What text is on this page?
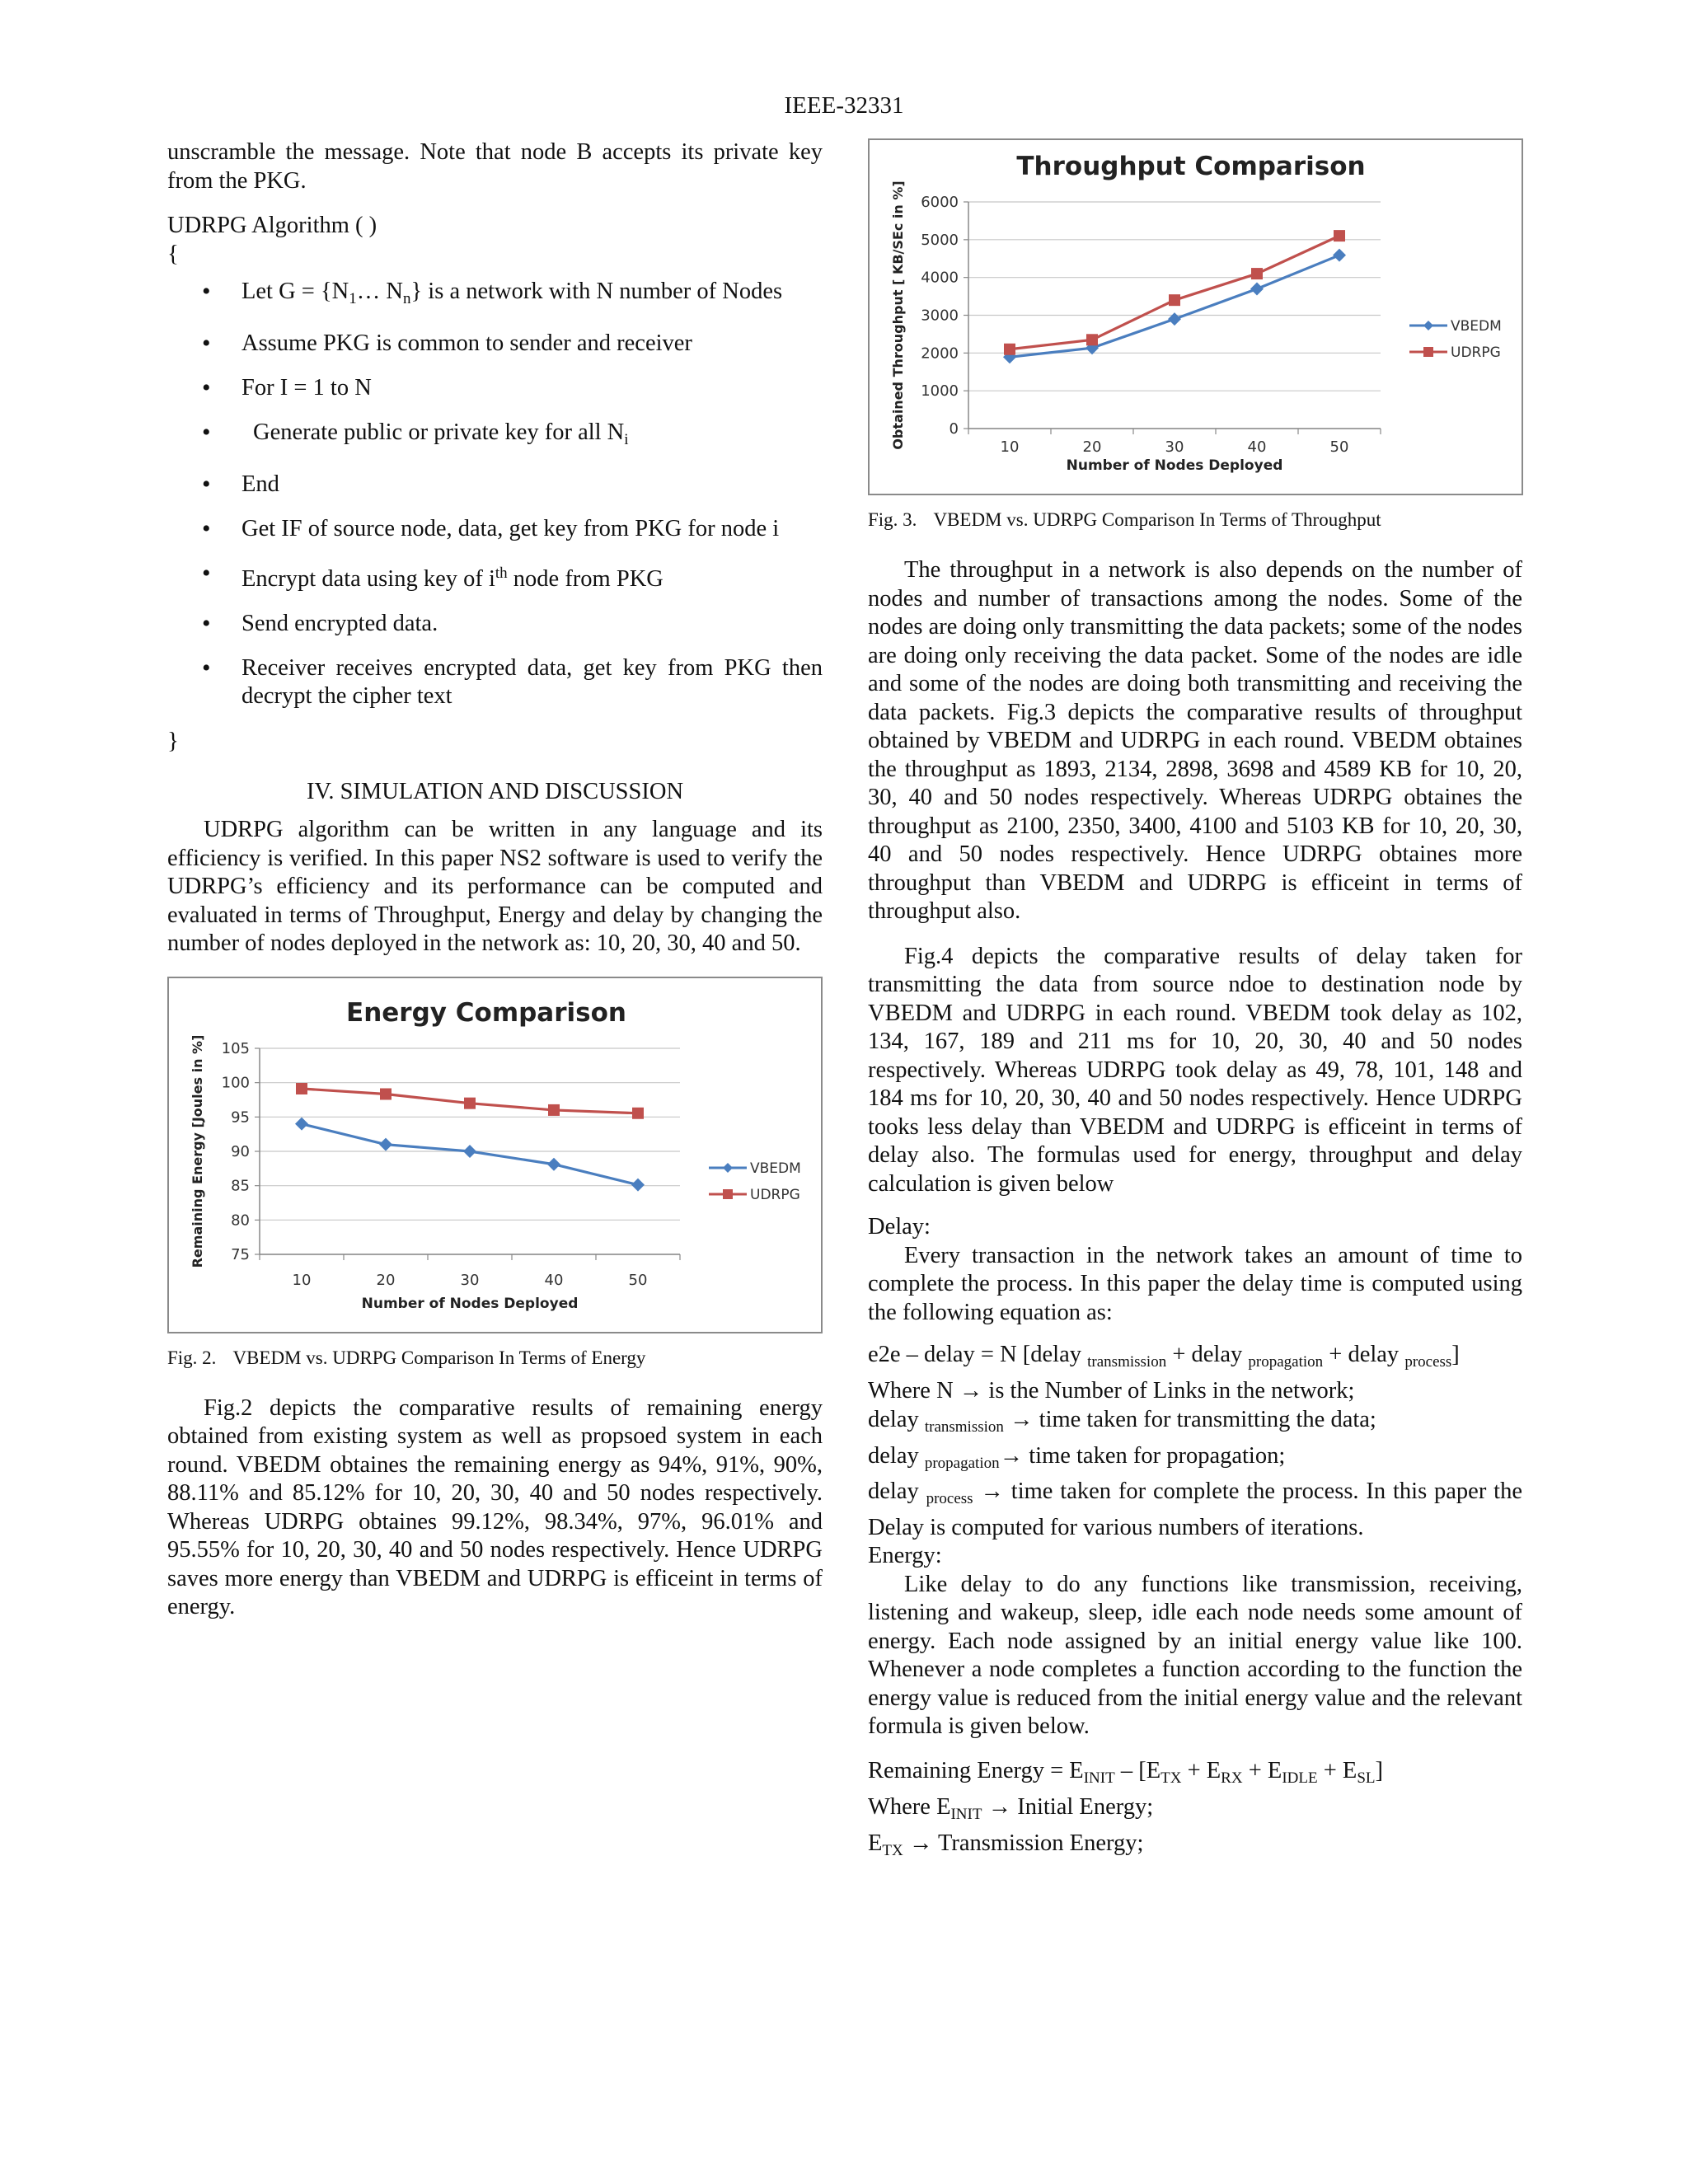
IEEE-32331

unscramble the message. Note that node B accepts its private key from the PKG.

UDRPG Algorithm ( )
{
• Let $G = \{N_1\dots$ $N_n$} is a network with N number of Nodes
• Assume PKG is common to sender and receiver
• For I = 1 to N
• Generate public or private key for all $N_i$
• End
• Get IF of source node, data, get key from PKG for node i
• Encrypt data using key of $i^{th}$ node from PKG
• Send encrypted data.
• Receiver receives encrypted data, get key from PKG then decrypt the cipher text
}
IV. SIMULATION AND DISCUSSION

UDRPG algorithm can be written in any language and its efficiency is verified. In this paper NS2 software is used to verify the UDRPG’s efficiency and its performance can be computed and evaluated in terms of Throughput, Energy and delay by changing the number of nodes deployed in the network as: 10, 20, 30, 40 and 50.

75
80
85
90
95
100
105
10	20	30	40	50
Energy Comparison
Number of Nodes Deployed
Remaining Energy [Joules in %]	VBEDM
UDRPG
Fig. 2. VBEDM vs. UDRPG Comparison In Terms of Energy

Fig.2 depicts the comparative results of remaining energy obtained from existing system as well as propsoed system in each round. VBEDM obtaines the remaining energy as 94%, 91%, 90%, 88.11% and 85.12% for 10, 20, 30, 40 and 50 nodes respectively. Whereas UDRPG obtaines 99.12%, 98.34%, 97%, 96.01% and 95.55% for 10, 20, 30, 40 and 50 nodes respectively. Hence UDRPG saves more energy than VBEDM and UDRPG is efficeint in terms of energy.

0
1000
2000
3000
4000
5000
6000
10	20	30	40	50
Throughput Comparison
Number of Nodes Deployed
Obtained Throughput [ KB/SEc in %]	VBEDM
UDRPG
Fig. 3. VBEDM vs. UDRPG Comparison In Terms of Throughput

The throughput in a network is also depends on the number of nodes and number of transactions among the nodes. Some of the nodes are doing only transmitting the data packets; some of the nodes are doing only receiving the data packet. Some of the nodes are idle and some of the nodes are doing both transmitting and receiving the data packets. Fig.3 depicts the comparative results of throughput obtained by VBEDM and UDRPG in each round. VBEDM obtaines the throughput as 1893, 2134, 2898, 3698 and 4589 KB for 10, 20, 30, 40 and 50 nodes respectively. Whereas UDRPG obtaines the throughput as 2100, 2350, 3400, 4100 and 5103 KB for 10, 20, 30, 40 and 50 nodes respectively. Hence UDRPG obtaines more throughput than VBEDM and UDRPG is efficeint in terms of throughput also.

Fig.4 depicts the comparative results of delay taken for transmitting the data from source ndoe to destination node by VBEDM and UDRPG in each round. VBEDM took delay as 102, 134, 167, 189 and 211 ms for 10, 20, 30, 40 and 50 nodes respectively. Whereas UDRPG took delay as 49, 78, 101, 148 and 184 ms for 10, 20, 30, 40 and 50 nodes respectively. Hence UDRPG tooks less delay than VBEDM and UDRPG is efficeint in terms of delay also. The formulas used for energy, throughput and delay calculation is given below

Delay:

Every transaction in the network takes an amount of time to complete the process. In this paper the delay time is computed using the following equation as:

e2e – delay = N [delay $_{transmission}$ + delay $_{propagation}$ + delay $_{process}$]
Where N → is the Number of Links in the network;
delay $_{transmission}$ → time taken for transmitting the data;
delay $_{propagation}$→ time taken for propagation;

delay $_{process}$ → time taken for complete the process. In this paper the Delay is computed for various numbers of iterations.

Energy:

Like delay to do any functions like transmission, receiving, listening and wakeup, sleep, idle each node needs some amount of energy. Each node assigned by an initial energy value like 100. Whenever a node completes a function according to the function the energy value is reduced from the initial energy value and the relevant formula is given below.

Remaining Energy = $E_{INIT} - [E_{TX} + E_{RX} + E_{IDLE} + E_{SL}]$
Where $E_{INIT}$ → Initial Energy;
$E_{TX}$ → Transmission Energy;
